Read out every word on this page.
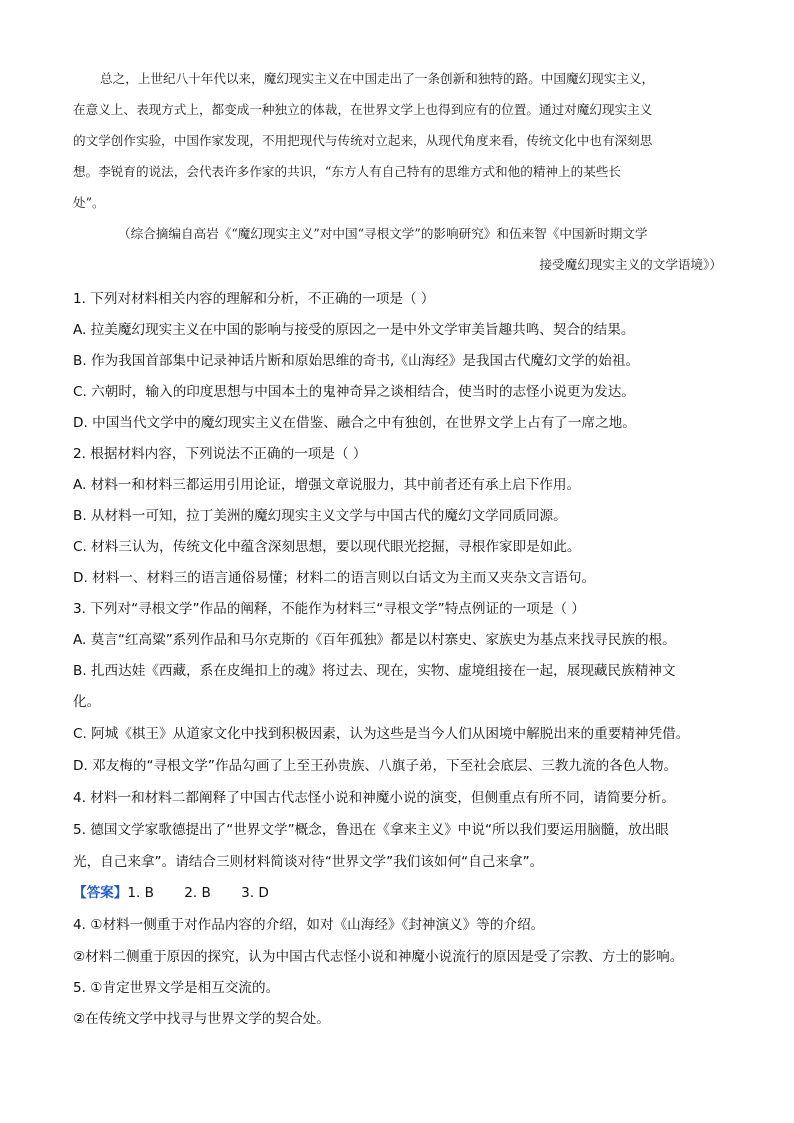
总之，上世纪八十年代以来，魔幻现实主义在中国走出了一条创新和独特的路。中国魔幻现实主义，
在意义上、表现方式上，都变成一种独立的体裁，在世界文学上也得到应有的位置。通过对魔幻现实主义
的文学创作实验，中国作家发现，不用把现代与传统对立起来，从现代角度来看，传统文化中也有深刻思
想。李锐育的说法，会代表许多作家的共识，“东方人有自己特有的思维方式和他的精神上的某些长
处”。
（综合摘编自高岩《“魔幻现实主义”对中国“寻根文学”的影响研究》和伍来智《中国新时期文学
接受魔幻现实主义的文学语境》）
1. 下列对材料相关内容的理解和分析，不正确的一项是（ ）
A. 拉美魔幻现实主义在中国的影响与接受的原因之一是中外文学审美旨趣共鸣、契合的结果。
B. 作为我国首部集中记录神话片断和原始思维的奇书,《山海经》是我国古代魔幻文学的始祖。
C. 六朝时，输入的印度思想与中国本土的鬼神奇异之谈相结合，使当时的志怪小说更为发达。
D. 中国当代文学中的魔幻现实主义在借鉴、融合之中有独创，在世界文学上占有了一席之地。
2. 根据材料内容，下列说法不正确的一项是（ ）
A. 材料一和材料三都运用引用论证，增强文章说服力，其中前者还有承上启下作用。
B. 从材料一可知，拉丁美洲的魔幻现实主义文学与中国古代的魔幻文学同质同源。
C. 材料三认为，传统文化中蕴含深刻思想，要以现代眼光挖掘，寻根作家即是如此。
D. 材料一、材料三的语言通俗易懂；材料二的语言则以白话文为主而又夹杂文言语句。
3. 下列对“寻根文学”作品的阐释，不能作为材料三“寻根文学”特点例证的一项是（ ）
A. 莫言“红高粱”系列作品和马尔克斯的《百年孤独》都是以村寨史、家族史为基点来找寻民族的根。
B. 扎西达娃《西藏，系在皮绳扣上的魂》将过去、现在，实物、虚境组接在一起，展现藏民族精神文
化。
C. 阿城《棋王》从道家文化中找到积极因素，认为这些是当今人们从困境中解脱出来的重要精神凭借。
D. 邓友梅的“寻根文学”作品勾画了上至王孙贵族、八旗子弟，下至社会底层、三教九流的各色人物。
4. 材料一和材料二都阐释了中国古代志怪小说和神魔小说的演变，但侧重点有所不同，请简要分析。
5. 德国文学家歌德提出了“世界文学”概念，鲁迅在《拿来主义》中说“所以我们要运用脑髓，放出眼
光，自己来拿”。请结合三则材料简谈对待“世界文学”我们该如何“自己来拿”。
【答案】1. B       2. B       3. D
4. ①材料一侧重于对作品内容的介绍，如对《山海经》《封神演义》等的介绍。
②材料二侧重于原因的探究，认为中国古代志怪小说和神魔小说流行的原因是受了宗教、方士的影响。
5. ①肯定世界文学是相互交流的。
②在传统文学中找寻与世界文学的契合处。
